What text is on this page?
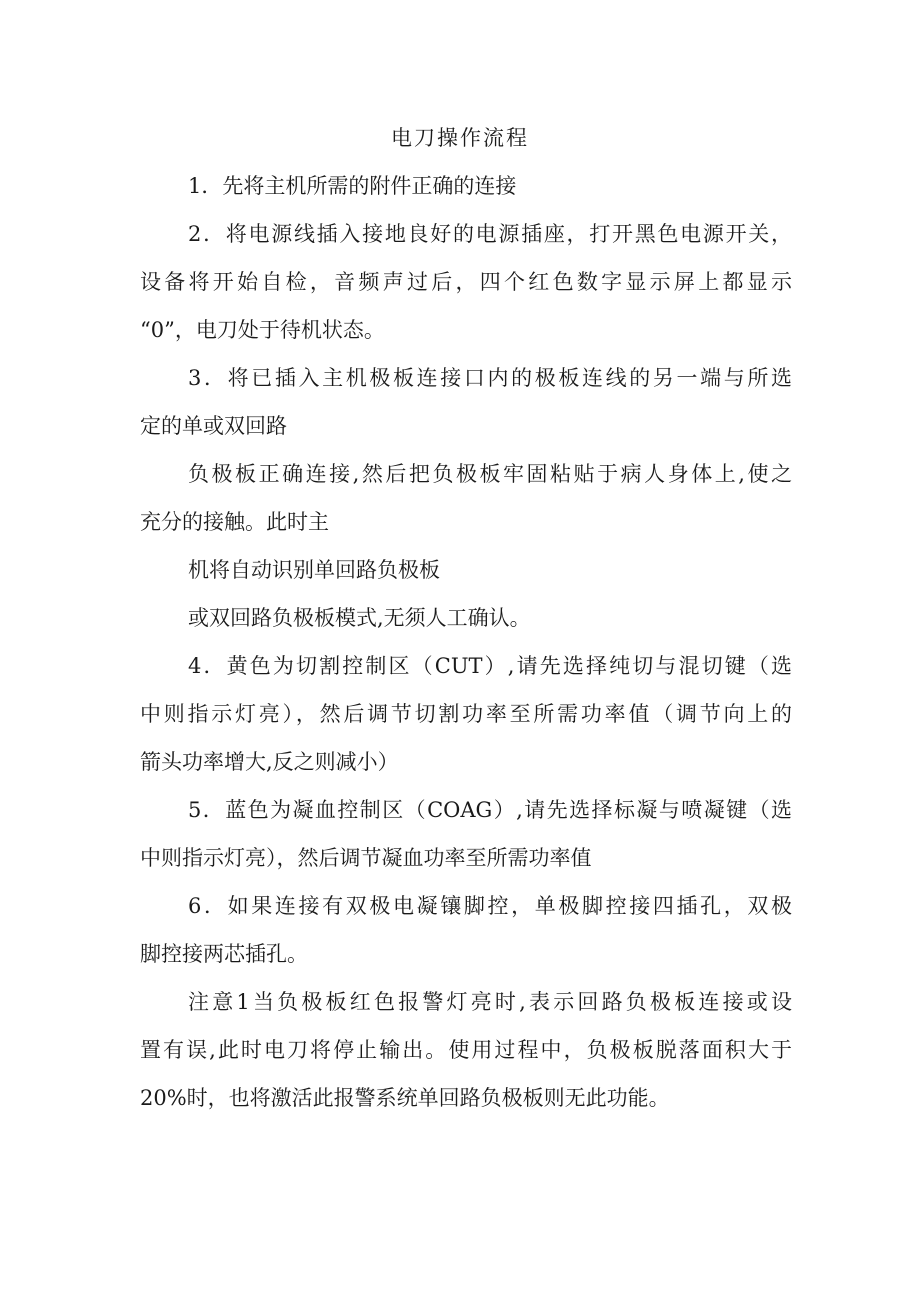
电刀操作流程
1．先将主机所需的附件正确的连接
2．将电源线插入接地良好的电源插座，打开黑色电源开关，
设备将开始自检，音频声过后，四个红色数字显示屏上都显示
“0”，电刀处于待机状态。
3．将已插入主机极板连接口内的极板连线的另一端与所选
定的单或双回路
负极板正确连接,然后把负极板牢固粘贴于病人身体上,使之
充分的接触。此时主
机将自动识别单回路负极板
或双回路负极板模式,无须人工确认。
4．黄色为切割控制区（CUT）,请先选择纯切与混切键（选
中则指示灯亮），然后调节切割功率至所需功率值（调节向上的
箭头功率增大,反之则减小）
5．蓝色为凝血控制区（COAG）,请先选择标凝与喷凝键（选
中则指示灯亮），然后调节凝血功率至所需功率值
6．如果连接有双极电凝镶脚控，单极脚控接四插孔，双极
脚控接两芯插孔。
注意1当负极板红色报警灯亮时,表示回路负极板连接或设
置有误,此时电刀将停止输出。使用过程中，负极板脱落面积大于
20%时，也将激活此报警系统单回路负极板则无此功能。
